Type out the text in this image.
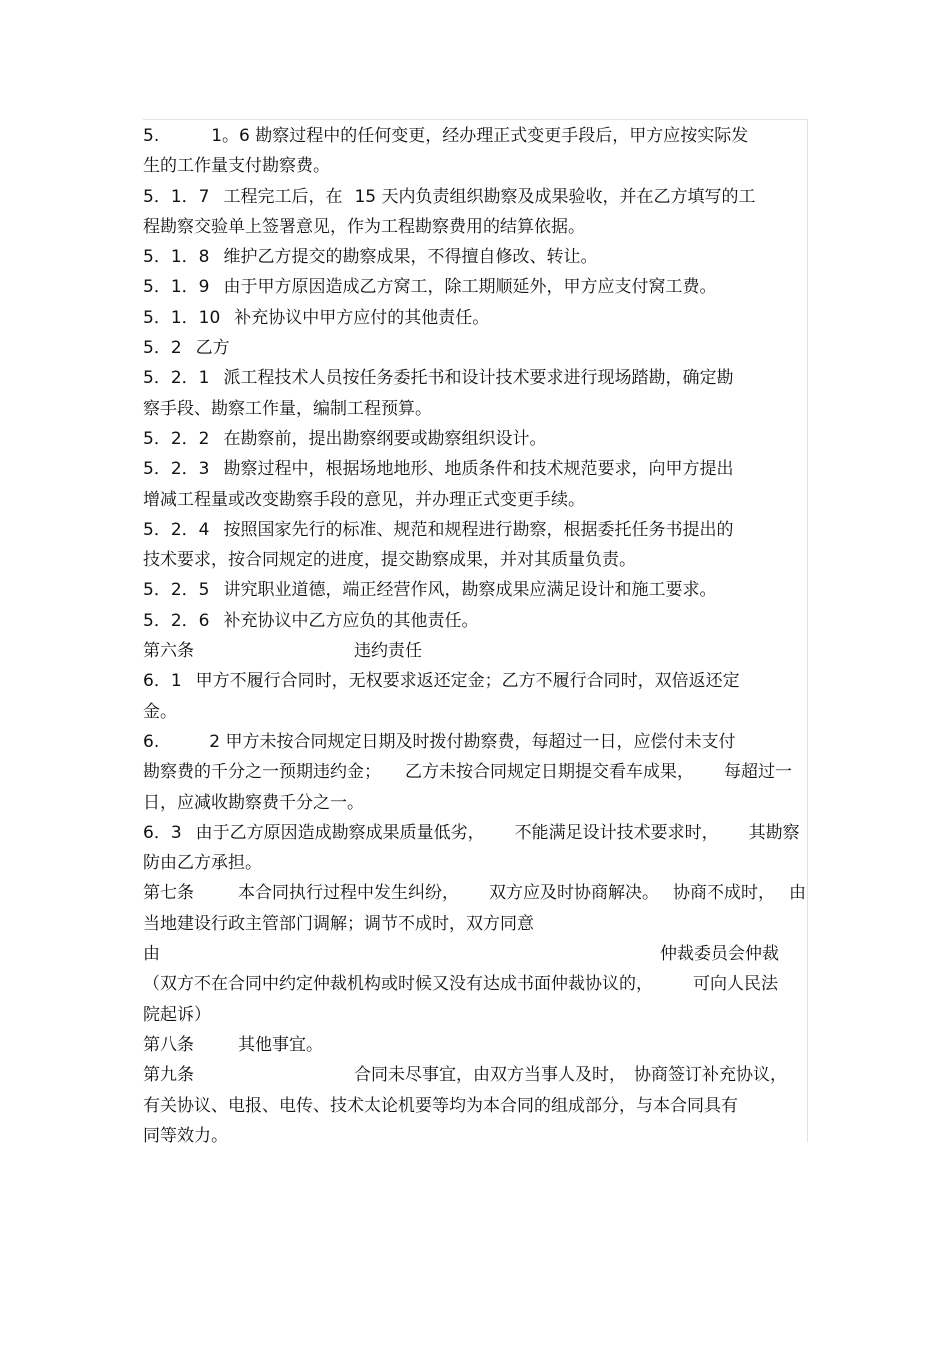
5.	1。6 勘察过程中的任何变更，经办理正式变更手段后，甲方应按实际发
生的工作量支付勘察费。
5．1．7 工程完工后，在 15 天内负责组织勘察及成果验收，并在乙方填写的工
程勘察交验单上签署意见，作为工程勘察费用的结算依据。
5．1．8 维护乙方提交的勘察成果，不得擅自修改、转让。
5．1．9 由于甲方原因造成乙方窝工，除工期顺延外，甲方应支付窝工费。
5．1．10 补充协议中甲方应付的其他责任。
5．2 乙方
5．2．1 派工程技术人员按任务委托书和设计技术要求进行现场踏勘，确定勘
察手段、勘察工作量，编制工程预算。
5．2．2 在勘察前，提出勘察纲要或勘察组织设计。
5．2．3 勘察过程中，根据场地地形、地质条件和技术规范要求，向甲方提出
增减工程量或改变勘察手段的意见，并办理正式变更手续。
5．2．4 按照国家先行的标准、规范和规程进行勘察，根据委托任务书提出的
技术要求，按合同规定的进度，提交勘察成果，并对其质量负责。
5．2．5 讲究职业道德，端正经营作风，勘察成果应满足设计和施工要求。
5．2．6 补充协议中乙方应负的其他责任。
第六条	违约责任
6．1 甲方不履行合同时，无权要求返还定金；乙方不履行合同时，双倍返还定
金。
6.	2 甲方未按合同规定日期及时拨付勘察费，每超过一日，应偿付未支付
勘察费的千分之一预期违约金； 乙方未按合同规定日期提交看车成果， 每超过一
日，应减收勘察费千分之一。
6．3 由于乙方原因造成勘察成果质量低劣， 不能满足设计技术要求时， 其勘察
防由乙方承担。
第七条	本合同执行过程中发生纠纷， 双方应及时协商解决。 协商不成时， 由
当地建设行政主管部门调解；调节不成时，双方同意
由	仲裁委员会仲裁
（双方不在合同中约定仲裁机构或时候又没有达成书面仲裁协议的， 可向人民法
院起诉）
第八条	其他事宜。
第九条	合同未尽事宜，由双方当事人及时， 协商签订补充协议，
有关协议、电报、电传、技术太论机要等均为本合同的组成部分，与本合同具有
同等效力。
